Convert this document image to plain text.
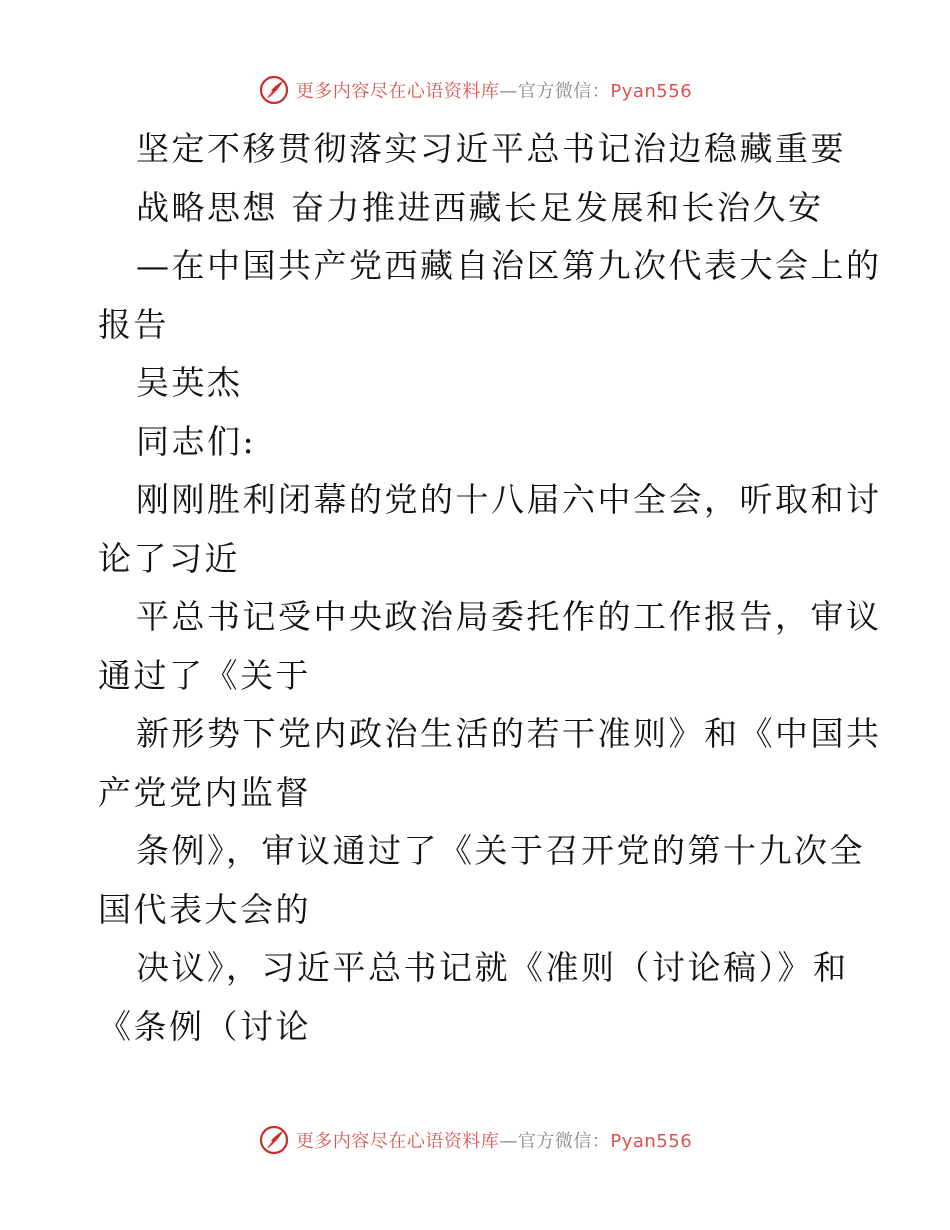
更多内容尽在心语资料库—官方微信：Pyan556
坚定不移贯彻落实习近平总书记治边稳藏重要
战略思想 奋力推进西藏长足发展和长治久安
—在中国共产党西藏自治区第九次代表大会上的
报告
吴英杰
同志们:
刚刚胜利闭幕的党的十八届六中全会，听取和讨
论了习近
平总书记受中央政治局委托作的工作报告，审议
通过了《关于
新形势下党内政治生活的若干准则》和《中国共
产党党内监督
条例》，审议通过了《关于召开党的第十九次全
国代表大会的
决议》，习近平总书记就《准则（讨论稿）》和
《条例（讨论
更多内容尽在心语资料库—官方微信：Pyan556
